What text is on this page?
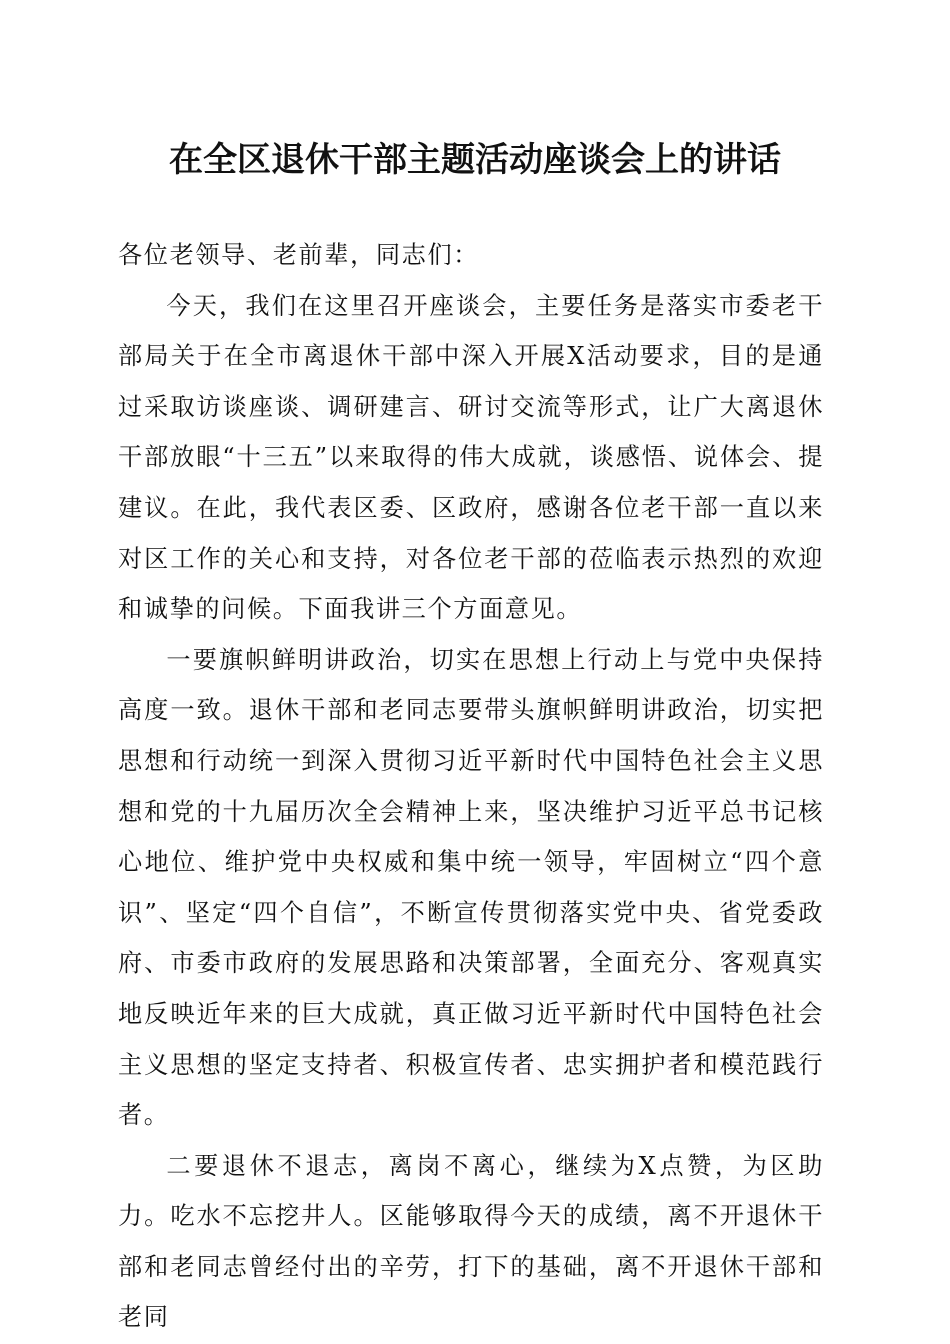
在全区退休干部主题活动座谈会上的讲话

各位老领导、老前辈，同志们：

今天，我们在这里召开座谈会，主要任务是落实市委老干部局关于在全市离退休干部中深入开展X活动要求，目的是通过采取访谈座谈、调研建言、研讨交流等形式，让广大离退休干部放眼“十三五”以来取得的伟大成就，谈感悟、说体会、提建议。在此，我代表区委、区政府，感谢各位老干部一直以来对区工作的关心和支持，对各位老干部的莅临表示热烈的欢迎和诚挚的问候。下面我讲三个方面意见。

一要旗帜鲜明讲政治，切实在思想上行动上与党中央保持高度一致。退休干部和老同志要带头旗帜鲜明讲政治，切实把思想和行动统一到深入贯彻习近平新时代中国特色社会主义思想和党的十九届历次全会精神上来，坚决维护习近平总书记核心地位、维护党中央权威和集中统一领导，牢固树立“四个意识”、坚定“四个自信”，不断宣传贯彻落实党中央、省党委政府、市委市政府的发展思路和决策部署，全面充分、客观真实地反映近年来的巨大成就，真正做习近平新时代中国特色社会主义思想的坚定支持者、积极宣传者、忠实拥护者和模范践行者。

二要退休不退志，离岗不离心，继续为X点赞，为区助力。吃水不忘挖井人。区能够取得今天的成绩，离不开退休干部和老同志曾经付出的辛劳，打下的基础，离不开退休干部和老同
